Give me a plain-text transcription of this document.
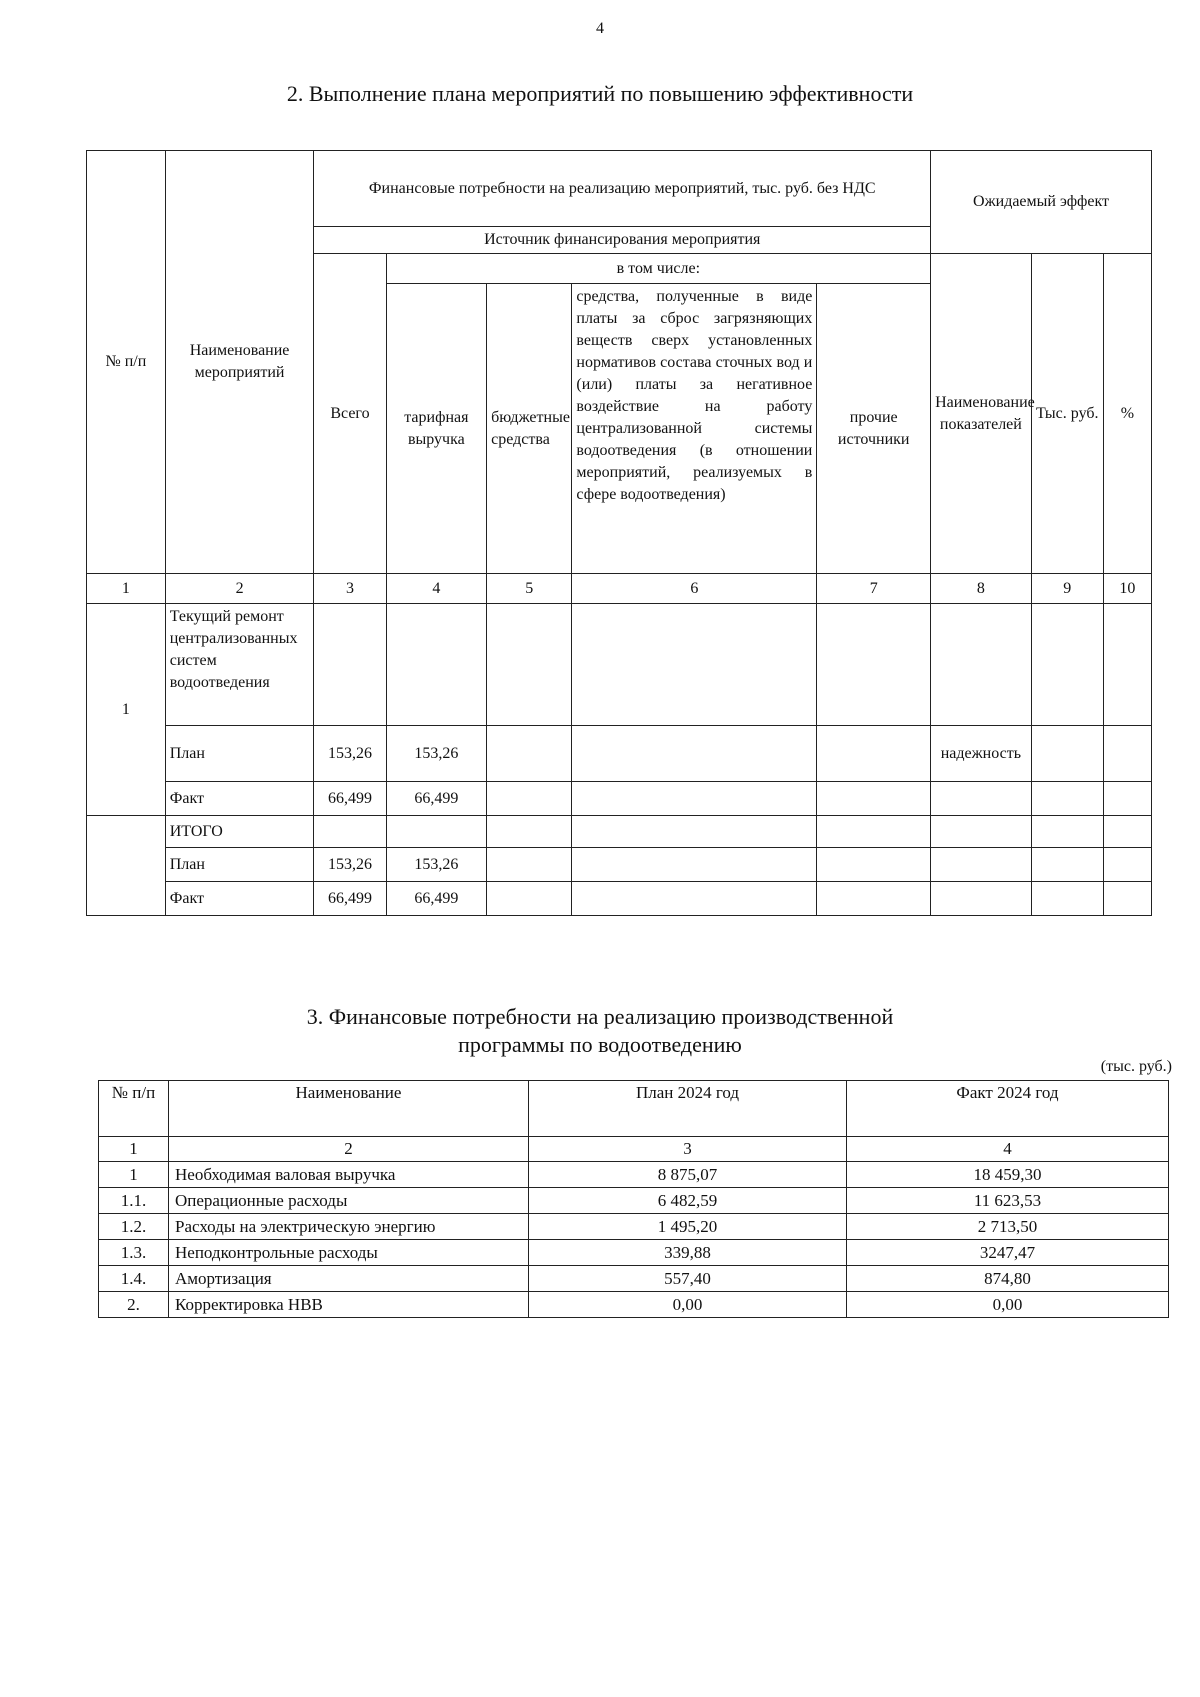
4
2. Выполнение плана мероприятий по повышению эффективности
№ п/п	Наименование мероприятий	Финансовые потребности на реализацию мероприятий, тыс. руб. без НДС					Ожидаемый эффект		
		Источник финансирования мероприятия							
		Всего	в том числе:				Наименование показателей	Тыс. руб.	%
			тарифная выручка	бюджетные средства	средства, полученные в виде платы за сброс загрязняющих веществ сверх установленных нормативов состава сточных вод и (или) платы за негативное воздействие на работу централизованной системы водоотведения (в отношении мероприятий, реализуемых в сфере водоотведения)	прочие источники			
1	2	3	4	5	6	7	8	9	10
1	Текущий ремонт централизованных систем водоотведения								
	План	153,26	153,26				надежность		
	Факт	66,499	66,499						
	ИТОГО								
	План	153,26	153,26						
	Факт	66,499	66,499						
3. Финансовые потребности на реализацию производственной
программы по водоотведению
(тыс. руб.)
№ п/п	Наименование	План 2024 год	Факт 2024 год
1	2	3	4
1	Необходимая валовая выручка	8 875,07	18 459,30
1.1.	Операционные расходы	6 482,59	11 623,53
1.2.	Расходы на электрическую энергию	1 495,20	2 713,50
1.3.	Неподконтрольные расходы	339,88	3247,47
1.4.	Амортизация	557,40	874,80
2.	Корректировка НВВ	0,00	0,00
